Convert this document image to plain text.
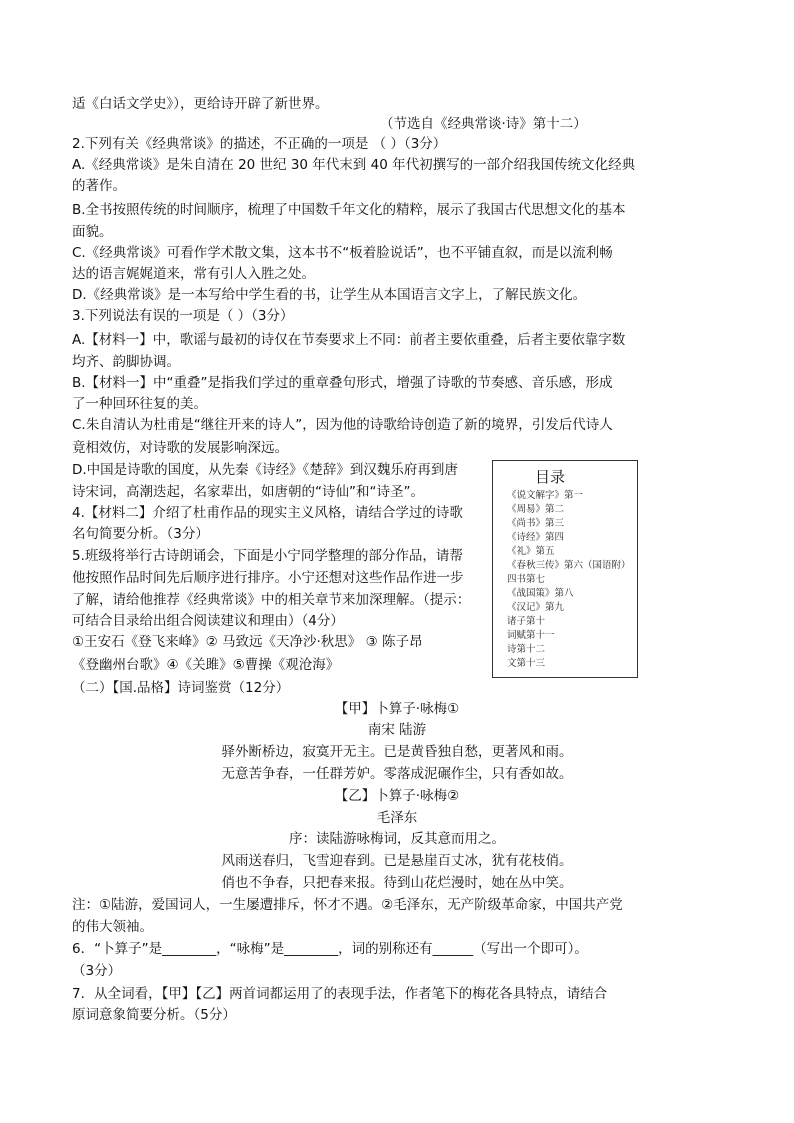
适《白话文学史》），更给诗开辟了新世界。
（节选自《经典常谈·诗》第十二）
2.下列有关《经典常谈》的描述，不正确的一项是 （ ）（3分）
A.《经典常谈》是朱自清在 20 世纪 30 年代末到 40 年代初撰写的一部介绍我国传统文化经典
的著作。
B.全书按照传统的时间顺序，梳理了中国数千年文化的精粹，展示了我国古代思想文化的基本
面貌。
C.《经典常谈》可看作学术散文集，这本书不“板着脸说话”，也不平铺直叙，而是以流利畅
达的语言娓娓道来，常有引人入胜之处。
D.《经典常谈》是一本写给中学生看的书，让学生从本国语言文字上，了解民族文化。
3.下列说法有误的一项是（ ）（3分）
A.【材料一】中，歌谣与最初的诗仅在节奏要求上不同：前者主要依重叠，后者主要依靠字数
均齐、韵脚协调。
B.【材料一】中“重叠”是指我们学过的重章叠句形式，增强了诗歌的节奏感、音乐感，形成
了一种回环往复的美。
C.朱自清认为杜甫是“继往开来的诗人”，因为他的诗歌给诗创造了新的境界，引发后代诗人
竟相效仿，对诗歌的发展影响深远。
D.中国是诗歌的国度，从先秦《诗经》《楚辞》到汉魏乐府再到唐
诗宋词，高潮迭起，名家辈出，如唐朝的“诗仙”和“诗圣”。
4.【材料二】介绍了杜甫作品的现实主义风格，请结合学过的诗歌
名句简要分析。（3分）
5.班级将举行古诗朗诵会，下面是小宁同学整理的部分作品，请帮
他按照作品时间先后顺序进行排序。小宁还想对这些作品作进一步
了解，请给他推荐《经典常谈》中的相关章节来加深理解。（提示：
可结合目录给出组合阅读建议和理由）（4分）
①王安石《登飞来峰》② 马致远《天净沙·秋思》 ③ 陈子昂
《登幽州台歌》④《关雎》⑤曹操《观沧海》
（二）【国.品格】诗词鉴赏（12分）
【甲】卜算子·咏梅①
南宋 陆游
驿外断桥边，寂寞开无主。已是黄昏独自愁，更著风和雨。
无意苦争春，一任群芳妒。零落成泥碾作尘，只有香如故。
【乙】卜算子·咏梅②
毛泽东
序：读陆游咏梅词，反其意而用之。
风雨送春归，飞雪迎春到。已是悬崖百丈冰，犹有花枝俏。
俏也不争春，只把春来报。待到山花烂漫时，她在丛中笑。
注：①陆游，爱国词人，一生屡遭排斥，怀才不遇。②毛泽东，无产阶级革命家，中国共产党
的伟大领袖。
6．“卜算子”是________，“咏梅”是________，词的别称还有______（写出一个即可）。
（3分）
7．从全词看，【甲】【乙】两首词都运用了的表现手法，作者笔下的梅花各具特点，请结合
原词意象简要分析。（5分）
目录
《说文解字》第一
《周易》第二
《尚书》第三
《诗经》第四
《礼》第五
《春秋三传》第六（国语附）
四书第七
《战国策》第八
《汉记》第九
诸子第十
词赋第十一
诗第十二
文第十三
